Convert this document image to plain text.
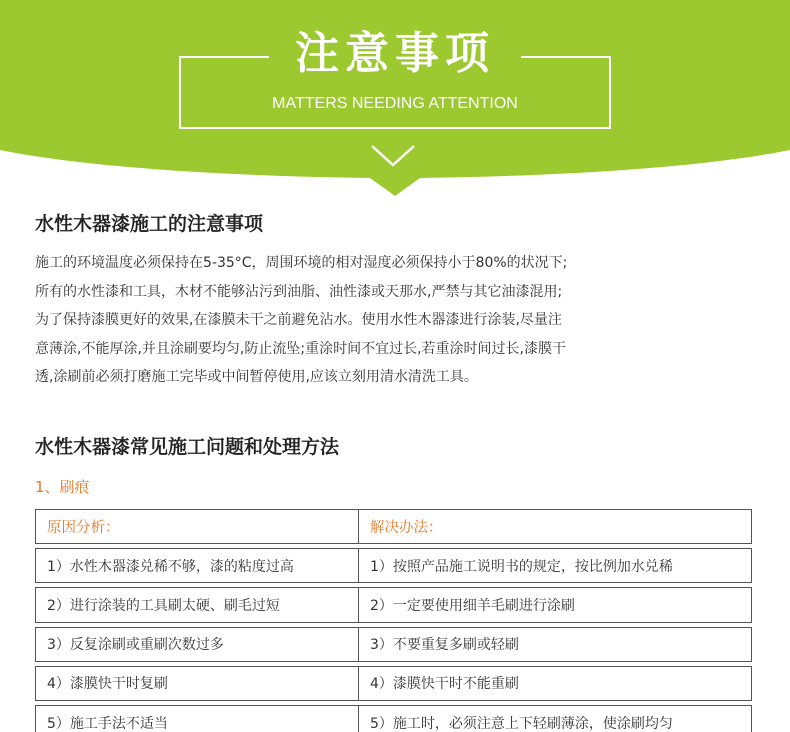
注意事项
MATTERS NEEDING ATTENTION
水性木器漆施工的注意事项
施工的环境温度必须保持在5-35°C，周围环境的相对湿度必须保持小于80%的状况下;
所有的水性漆和工具，木材不能够沾污到油脂、油性漆或天那水,严禁与其它油漆混用;
为了保持漆膜更好的效果,在漆膜未干之前避免沾水。使用水性木器漆进行涂装,尽量注
意薄涂,不能厚涂,并且涂刷要均匀,防止流坠;重涂时间不宜过长,若重涂时间过长,漆膜干
透,涂刷前必须打磨施工完毕或中间暂停使用,应该立刻用清水清洗工具。
水性木器漆常见施工问题和处理方法
1、刷痕
原因分析：	解决办法：

1）水性木器漆兑稀不够，漆的粘度过高	1）按照产品施工说明书的规定，按比例加水兑稀

2）进行涂装的工具刷太硬、刷毛过短	2）一定要使用细羊毛刷进行涂刷

3）反复涂刷或重刷次数过多	3）不要重复多刷或轻刷

4）漆膜快干时复刷	4）漆膜快干时不能重刷

5）施工手法不适当	5）施工时，必须注意上下轻刷薄涂，使涂刷均匀
